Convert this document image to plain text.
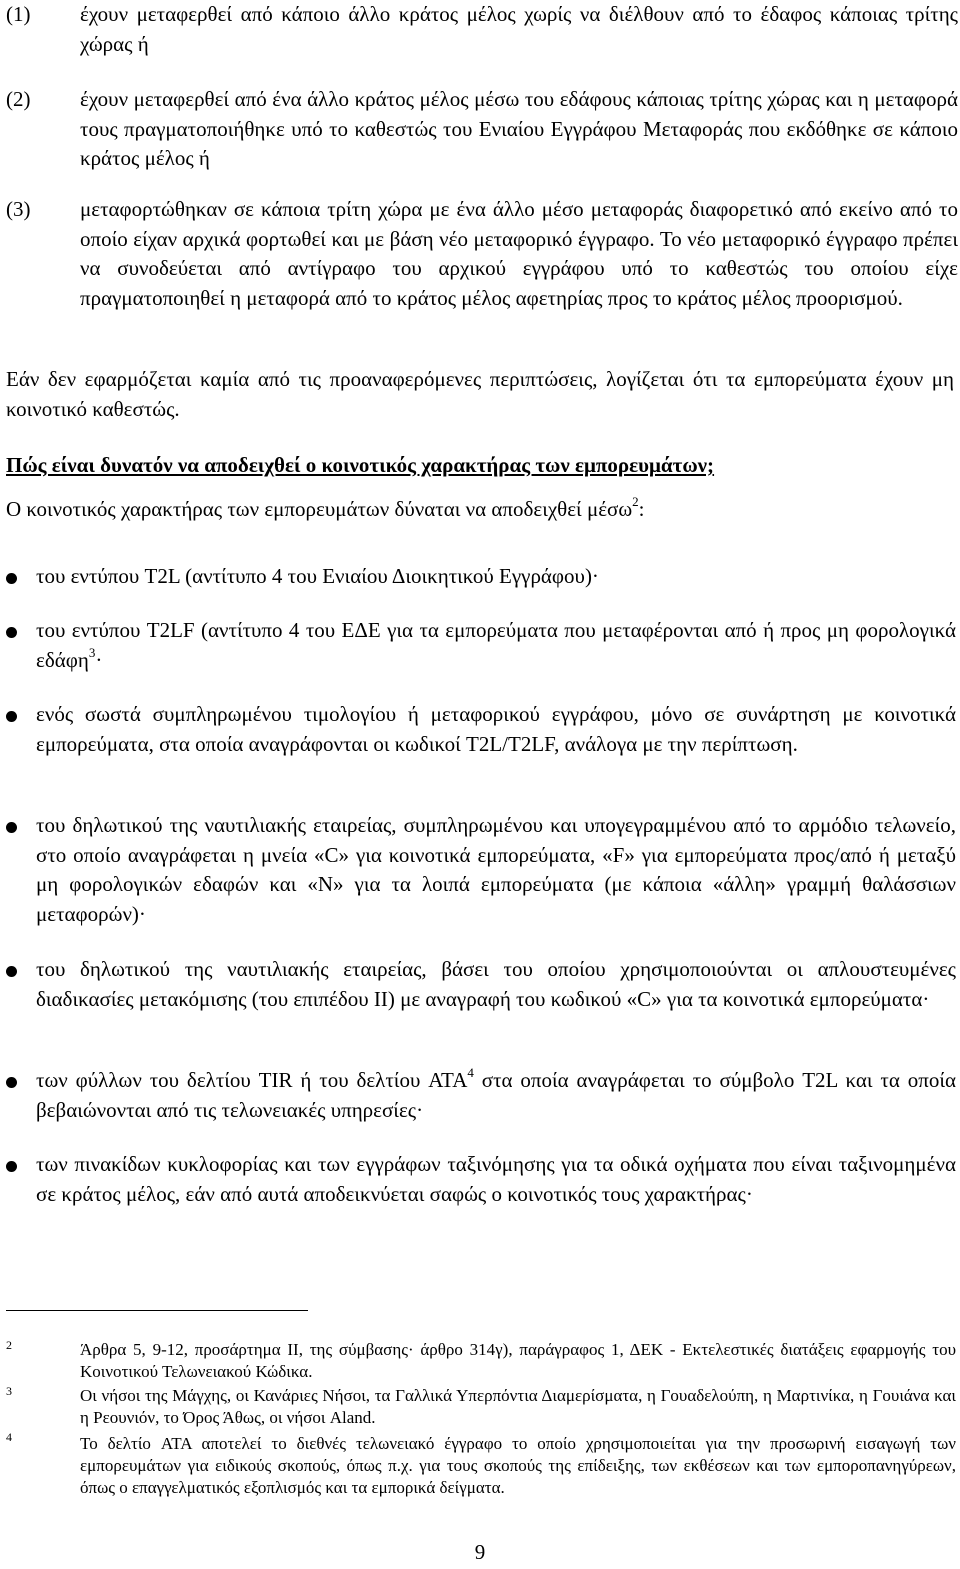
(1) έχουν μεταφερθεί από κάποιο άλλο κράτος μέλος χωρίς να διέλθουν από το έδαφος κάποιας τρίτης χώρας ή
(2) έχουν μεταφερθεί από ένα άλλο κράτος μέλος μέσω του εδάφους κάποιας τρίτης χώρας και η μεταφορά τους πραγματοποιήθηκε υπό το καθεστώς του Ενιαίου Εγγράφου Μεταφοράς που εκδόθηκε σε κάποιο κράτος μέλος ή
(3) μεταφορτώθηκαν σε κάποια τρίτη χώρα με ένα άλλο μέσο μεταφοράς διαφορετικό από εκείνο από το οποίο είχαν αρχικά φορτωθεί και με βάση νέο μεταφορικό έγγραφο. Το νέο μεταφορικό έγγραφο πρέπει να συνοδεύεται από αντίγραφο του αρχικού εγγράφου υπό το καθεστώς του οποίου είχε πραγματοποιηθεί η μεταφορά από το κράτος μέλος αφετηρίας προς το κράτος μέλος προορισμού.
Εάν δεν εφαρμόζεται καμία από τις προαναφερόμενες περιπτώσεις, λογίζεται ότι τα εμπορεύματα έχουν μη κοινοτικό καθεστώς.
Πώς είναι δυνατόν να αποδειχθεί ο κοινοτικός χαρακτήρας των εμπορευμάτων;
Ο κοινοτικός χαρακτήρας των εμπορευμάτων δύναται να αποδειχθεί μέσω$^2$:
του εντύπου T2L (αντίτυπο 4 του Ενιαίου Διοικητικού Εγγράφου)·
του εντύπου T2LF (αντίτυπο 4 του ΕΔΕ για τα εμπορεύματα που μεταφέρονται από ή προς μη φορολογικά εδάφη$^3$·
ενός σωστά συμπληρωμένου τιμολογίου ή μεταφορικού εγγράφου, μόνο σε συνάρτηση με κοινοτικά εμπορεύματα, στα οποία αναγράφονται οι κωδικοί T2L/T2LF, ανάλογα με την περίπτωση.
του δηλωτικού της ναυτιλιακής εταιρείας, συμπληρωμένου και υπογεγραμμένου από το αρμόδιο τελωνείο, στο οποίο αναγράφεται η μνεία «C» για κοινοτικά εμπορεύματα, «F» για εμπορεύματα προς/από ή μεταξύ μη φορολογικών εδαφών και «N» για τα λοιπά εμπορεύματα (με κάποια «άλλη» γραμμή θαλάσσιων μεταφορών)·
του δηλωτικού της ναυτιλιακής εταιρείας, βάσει του οποίου χρησιμοποιούνται οι απλουστευμένες διαδικασίες μετακόμισης (του επιπέδου II) με αναγραφή του κωδικού «C» για τα κοινοτικά εμπορεύματα·
των φύλλων του δελτίου TIR ή του δελτίου ATA$^4$ στα οποία αναγράφεται το σύμβολο T2L και τα οποία βεβαιώνονται από τις τελωνειακές υπηρεσίες·
των πινακίδων κυκλοφορίας και των εγγράφων ταξινόμησης για τα οδικά οχήματα που είναι ταξινομημένα σε κράτος μέλος, εάν από αυτά αποδεικνύεται σαφώς ο κοινοτικός τους χαρακτήρας·
2	Άρθρα 5, 9-12, προσάρτημα II, της σύμβασης· άρθρο 314γ), παράγραφος 1, ΔΕΚ - Εκτελεστικές διατάξεις εφαρμογής του Κοινοτικού Τελωνειακού Κώδικα.
3	Οι νήσοι της Μάγχης, οι Κανάριες Νήσοι, τα Γαλλικά Υπερπόντια Διαμερίσματα, η Γουαδελούπη, η Μαρτινίκα, η Γουιάνα και η Ρεουνιόν, το Όρος Άθως, οι νήσοι Aland.
4	Το δελτίο ATA αποτελεί το διεθνές τελωνειακό έγγραφο το οποίο χρησιμοποιείται για την προσωρινή εισαγωγή των εμπορευμάτων για ειδικούς σκοπούς, όπως π.χ. για τους σκοπούς της επίδειξης, των εκθέσεων και των εμποροπανηγύρεων, όπως ο επαγγελματικός εξοπλισμός και τα εμπορικά δείγματα.
9
